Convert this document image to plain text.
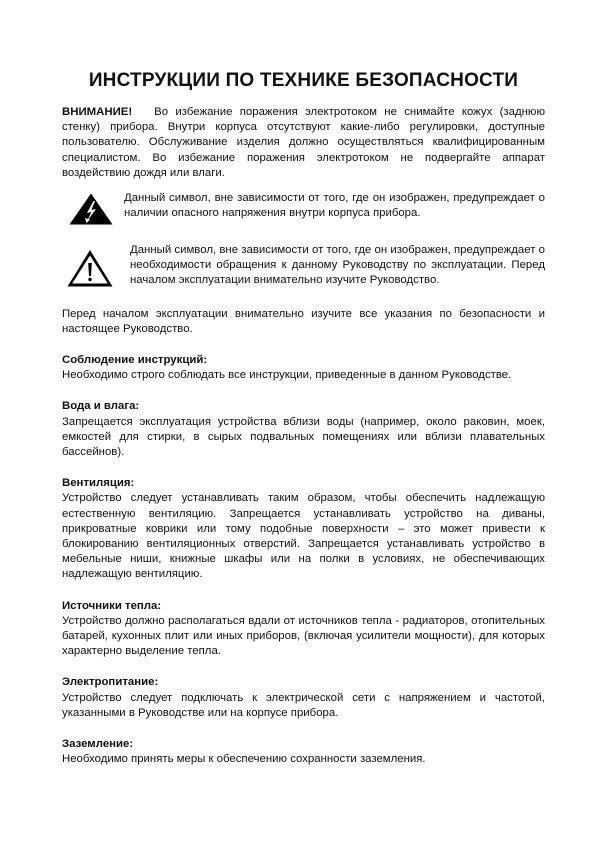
ИНСТРУКЦИИ ПО ТЕХНИКЕ БЕЗОПАСНОСТИ

ВНИМАНИЕ! Во избежание поражения электротоком не снимайте кожух (заднюю стенку) прибора. Внутри корпуса отсутствуют какие-либо регулировки, доступные пользователю. Обслуживание изделия должно осуществляться квалифицированным специалистом. Во избежание поражения электротоком не подвергайте аппарат воздействию дождя или влаги.

Данный символ, вне зависимости от того, где он изображен, предупреждает о наличии опасного напряжения внутри корпуса прибора.

Данный символ, вне зависимости от того, где он изображен, предупреждает о необходимости обращения к данному Руководству по эксплуатации. Перед началом эксплуатации внимательно изучите Руководство.

Перед началом эксплуатации внимательно изучите все указания по безопасности и настоящее Руководство.

Соблюдение инструкций:

Необходимо строго соблюдать все инструкции, приведенные в данном Руководстве.

Вода и влага:

Запрещается эксплуатация устройства вблизи воды (например, около раковин, моек, емкостей для стирки, в сырых подвальных помещениях или вблизи плавательных бассейнов).

Вентиляция:

Устройство следует устанавливать таким образом, чтобы обеспечить надлежащую естественную вентиляцию. Запрещается устанавливать устройство на диваны, прикроватные коврики или тому подобные поверхности – это может привести к блокированию вентиляционных отверстий. Запрещается устанавливать устройство в мебельные ниши, книжные шкафы или на полки в условиях, не обеспечивающих надлежащую вентиляцию.

Источники тепла:

Устройство должно располагаться вдали от источников тепла - радиаторов, отопительных батарей, кухонных плит или иных приборов, (включая усилители мощности), для которых характерно выделение тепла.

Электропитание:

Устройство следует подключать к электрической сети с напряжением и частотой, указанными в Руководстве или на корпусе прибора.

Заземление:

Необходимо принять меры к обеспечению сохранности заземления.
